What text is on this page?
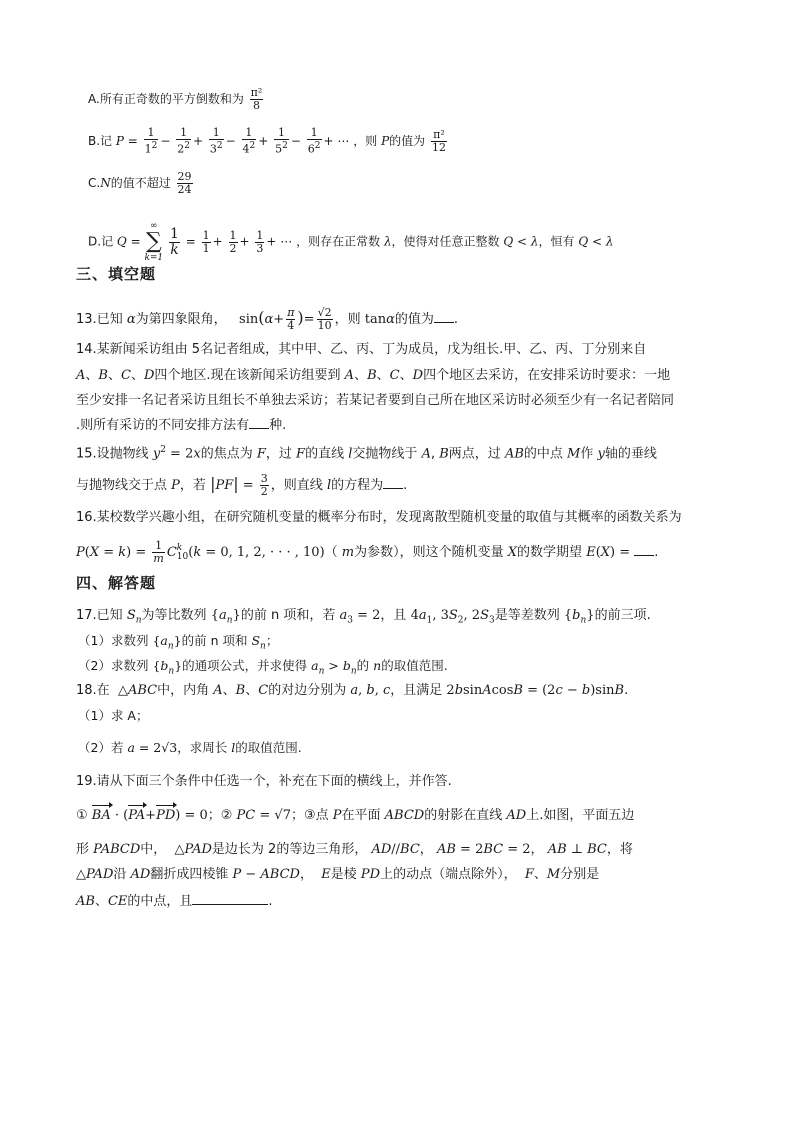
A.所有正奇数的平方倒数和为 $\frac{\text{π²}}{8}$
B.记 $P = \frac{1}{1^2} - \frac{1}{2^2} + \frac{1}{3^2} - \frac{1}{4^2} + \frac{1}{5^2} - \frac{1}{6^2}$ + ⋯ ，则 P的值为 $\frac{\text{π²}}{12}$
C.N的值不超过 $\frac{29}{24}$
D.记 Q =
∞
∑
k=1

$\frac{1}{k} = \frac{1}{1} + \frac{1}{2} + \frac{1}{3}$ + ⋯ ，则存在正常数 λ，使得对任意正整数 Q < λ，恒有 Q < λ
三、填空题
13.已知 α为第四象限角， $\sin(\alpha+ \frac{\pi}{4}$ )= $\frac{√2}{10}$ ，则 tanα的值为 .
14.某新闻采访组由 5名记者组成，其中甲、乙、丙、丁为成员，戊为组长.甲、乙、丙、丁分别来自
A、B、C、D四个地区.现在该新闻采访组要到 A、B、C、D四个地区去采访，在安排采访时要求：一地
至少安排一名记者采访且组长不单独去采访；若某记者要到自己所在地区采访时必须至少有一名记者陪同
.则所有采访的不同安排方法有 种.
15.设抛物线 $y^2 = 2x$的焦点为 F，过 F的直线 l交抛物线于 A, B两点，过 AB的中点 M作 y轴的垂线
与抛物线交于点 P，若 $|PF| = \frac{3}{2}$ ，则直线 l的方程为 .
16.某校数学兴趣小组，在研究随机变量的概率分布时，发现离散型随机变量的取值与其概率的函数关系为
$P(X = k) = \frac{1}{m}$ C k
10 (k = 0, 1, 2, · · · , 10)（ m为参数），则这个随机变量 X的数学期望 E(X) = .
四、解答题
17.已知 $S_n$为等比数列 $\{a_n\}$的前 n 项和，若 $a_3 = 2$，且 $4a_1$, $3S_2$, $2S_3$是等差数列 $\{b_n\}$的前三项.
（1）求数列 $\{a_n\}$的前 n 项和 $S_n$；
（2）求数列 $\{b_n\}$的通项公式，并求使得 $a_n > b_n$的 n的取值范围.
18.在 △ABC中，内角 A、B、C的对边分别为 a, b, c，且满足 2bsinAcosB = (2c − b)sinB.
（1）求 A；
（2）若 a = 2√3，求周长 l的取值范围.
19.请从下面三个条件中任选一个，补充在下面的横线上，并作答.
① BA · (PA+PD) = 0；② PC = √7；③点 P在平面 ABCD的射影在直线 AD上.如图，平面五边
形 PABCD中， △PAD是边长为 2的等边三角形， AD//BC， AB = 2BC = 2， AB ⊥ BC，将
△PAD沿 AD翻折成四棱锥 P − ABCD， E是棱 PD上的动点（端点除外）， F、M分别是
AB、CE的中点，且	.
